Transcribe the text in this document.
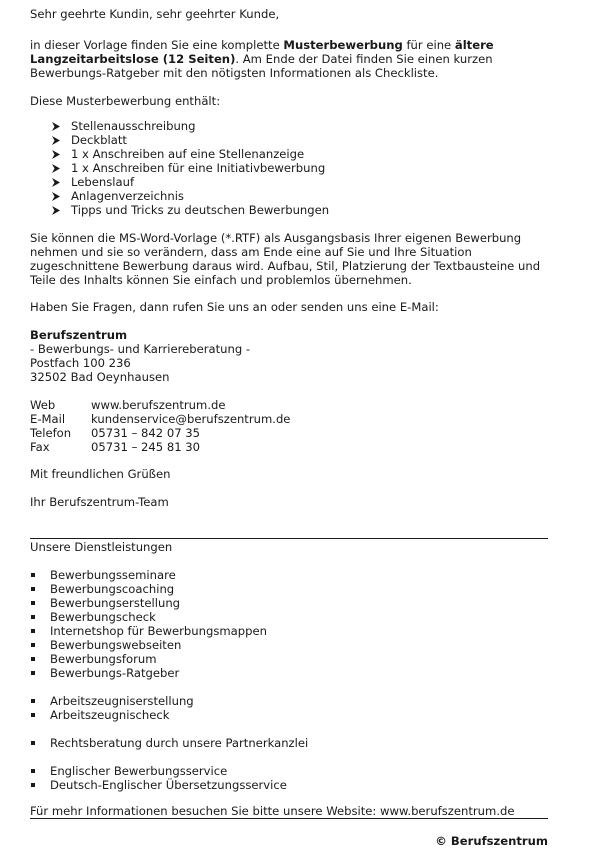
Sehr geehrte Kundin, sehr geehrter Kunde,
in dieser Vorlage finden Sie eine komplette Musterbewerbung für eine ältere
Langzeitarbeitslose (12 Seiten). Am Ende der Datei finden Sie einen kurzen
Bewerbungs-Ratgeber mit den nötigsten Informationen als Checkliste.
Diese Musterbewerbung enthält:
Stellenausschreibung
Deckblatt
1 x Anschreiben auf eine Stellenanzeige
1 x Anschreiben für eine Initiativbewerbung
Lebenslauf
Anlagenverzeichnis
Tipps und Tricks zu deutschen Bewerbungen
Sie können die MS-Word-Vorlage (*.RTF) als Ausgangsbasis Ihrer eigenen Bewerbung
nehmen und sie so verändern, dass am Ende eine auf Sie und Ihre Situation
zugeschnittene Bewerbung daraus wird. Aufbau, Stil, Platzierung der Textbausteine und
Teile des Inhalts können Sie einfach und problemlos übernehmen.
Haben Sie Fragen, dann rufen Sie uns an oder senden uns eine E-Mail:
Berufszentrum
- Bewerbungs- und Karriereberatung -
Postfach 100 236
32502 Bad Oeynhausen
Web	www.berufszentrum.de
E-Mail kundenservice@berufszentrum.de
Telefon 05731 – 842 07 35
Fax	05731 – 245 81 30
Mit freundlichen Grüßen
Ihr Berufszentrum-Team
Unsere Dienstleistungen
Bewerbungsseminare
Bewerbungscoaching
Bewerbungserstellung
Bewerbungscheck
Internetshop für Bewerbungsmappen
Bewerbungswebseiten
Bewerbungsforum
Bewerbungs-Ratgeber
Arbeitszeugniserstellung
Arbeitszeugnischeck
Rechtsberatung durch unsere Partnerkanzlei
Englischer Bewerbungsservice
Deutsch-Englischer Übersetzungsservice
Für mehr Informationen besuchen Sie bitte unsere Website: www.berufszentrum.de
© Berufszentrum
